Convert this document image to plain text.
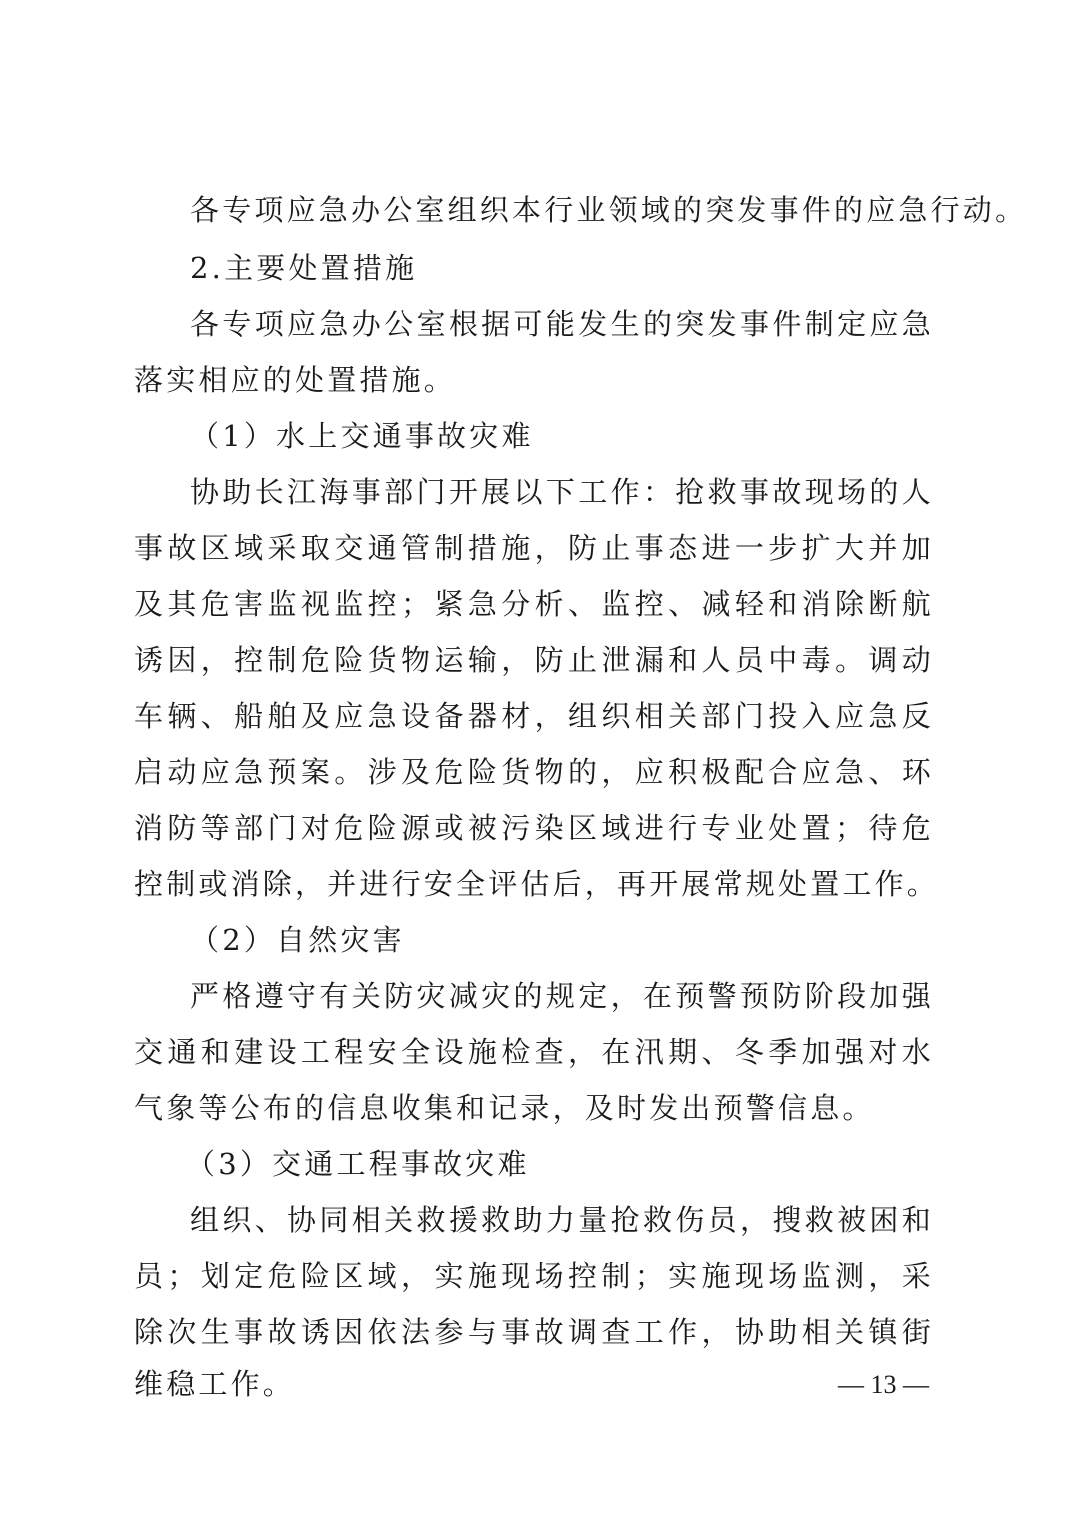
各专项应急办公室组织本行业领域的突发事件的应急行动。
2.主要处置措施
各专项应急办公室根据可能发生的突发事件制定应急
落实相应的处置措施。
（1）水上交通事故灾难
协助长江海事部门开展以下工作：抢救事故现场的人
事故区域采取交通管制措施，防止事态进一步扩大并加
及其危害监视监控；紧急分析、监控、减轻和消除断航
诱因，控制危险货物运输，防止泄漏和人员中毒。调动
车辆、船舶及应急设备器材，组织相关部门投入应急反
启动应急预案。涉及危险货物的，应积极配合应急、环
消防等部门对危险源或被污染区域进行专业处置；待危
控制或消除，并进行安全评估后，再开展常规处置工作。
（2）自然灾害
严格遵守有关防灾减灾的规定，在预警预防阶段加强
交通和建设工程安全设施检查，在汛期、冬季加强对水
气象等公布的信息收集和记录，及时发出预警信息。
（3）交通工程事故灾难
组织、协同相关救援救助力量抢救伤员，搜救被困和
员；划定危险区域，实施现场控制；实施现场监测，采
除次生事故诱因依法参与事故调查工作，协助相关镇街
维稳工作。	— 13 —
